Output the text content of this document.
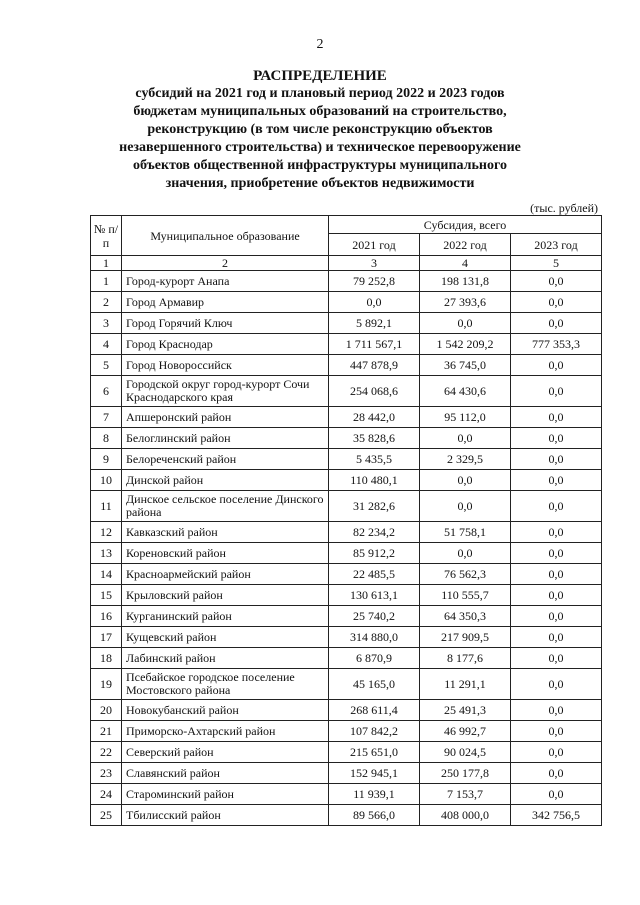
2
РАСПРЕДЕЛЕНИЕ
субсидий на 2021 год и плановый период 2022 и 2023 годов
бюджетам муниципальных образований на строительство,
реконструкцию (в том числе реконструкцию объектов
незавершенного строительства) и техническое перевооружение
объектов общественной инфраструктуры муниципального
значения, приобретение объектов недвижимости
(тыс. рублей)
№ п/п	Муниципальное образование	Субсидия, всего		
		2021 год	2022 год	2023 год
1	2	3	4	5
1	Город-курорт Анапа	79 252,8	198 131,8	0,0
2	Город Армавир	0,0	27 393,6	0,0
3	Город Горячий Ключ	5 892,1	0,0	0,0
4	Город Краснодар	1 711 567,1	1 542 209,2	777 353,3
5	Город Новороссийск	447 878,9	36 745,0	0,0
6	Городской округ город-курорт Сочи Краснодарского края	254 068,6	64 430,6	0,0
7	Апшеронский район	28 442,0	95 112,0	0,0
8	Белоглинский район	35 828,6	0,0	0,0
9	Белореченский район	5 435,5	2 329,5	0,0
10	Динской район	110 480,1	0,0	0,0
11	Динское сельское поселение Динского района	31 282,6	0,0	0,0
12	Кавказский район	82 234,2	51 758,1	0,0
13	Кореновский район	85 912,2	0,0	0,0
14	Красноармейский район	22 485,5	76 562,3	0,0
15	Крыловский район	130 613,1	110 555,7	0,0
16	Курганинский район	25 740,2	64 350,3	0,0
17	Кущевский район	314 880,0	217 909,5	0,0
18	Лабинский район	6 870,9	8 177,6	0,0
19	Псебайское городское поселение Мостовского района	45 165,0	11 291,1	0,0
20	Новокубанский район	268 611,4	25 491,3	0,0
21	Приморско-Ахтарский район	107 842,2	46 992,7	0,0
22	Северский район	215 651,0	90 024,5	0,0
23	Славянский район	152 945,1	250 177,8	0,0
24	Староминский район	11 939,1	7 153,7	0,0
25	Тбилисский район	89 566,0	408 000,0	342 756,5
